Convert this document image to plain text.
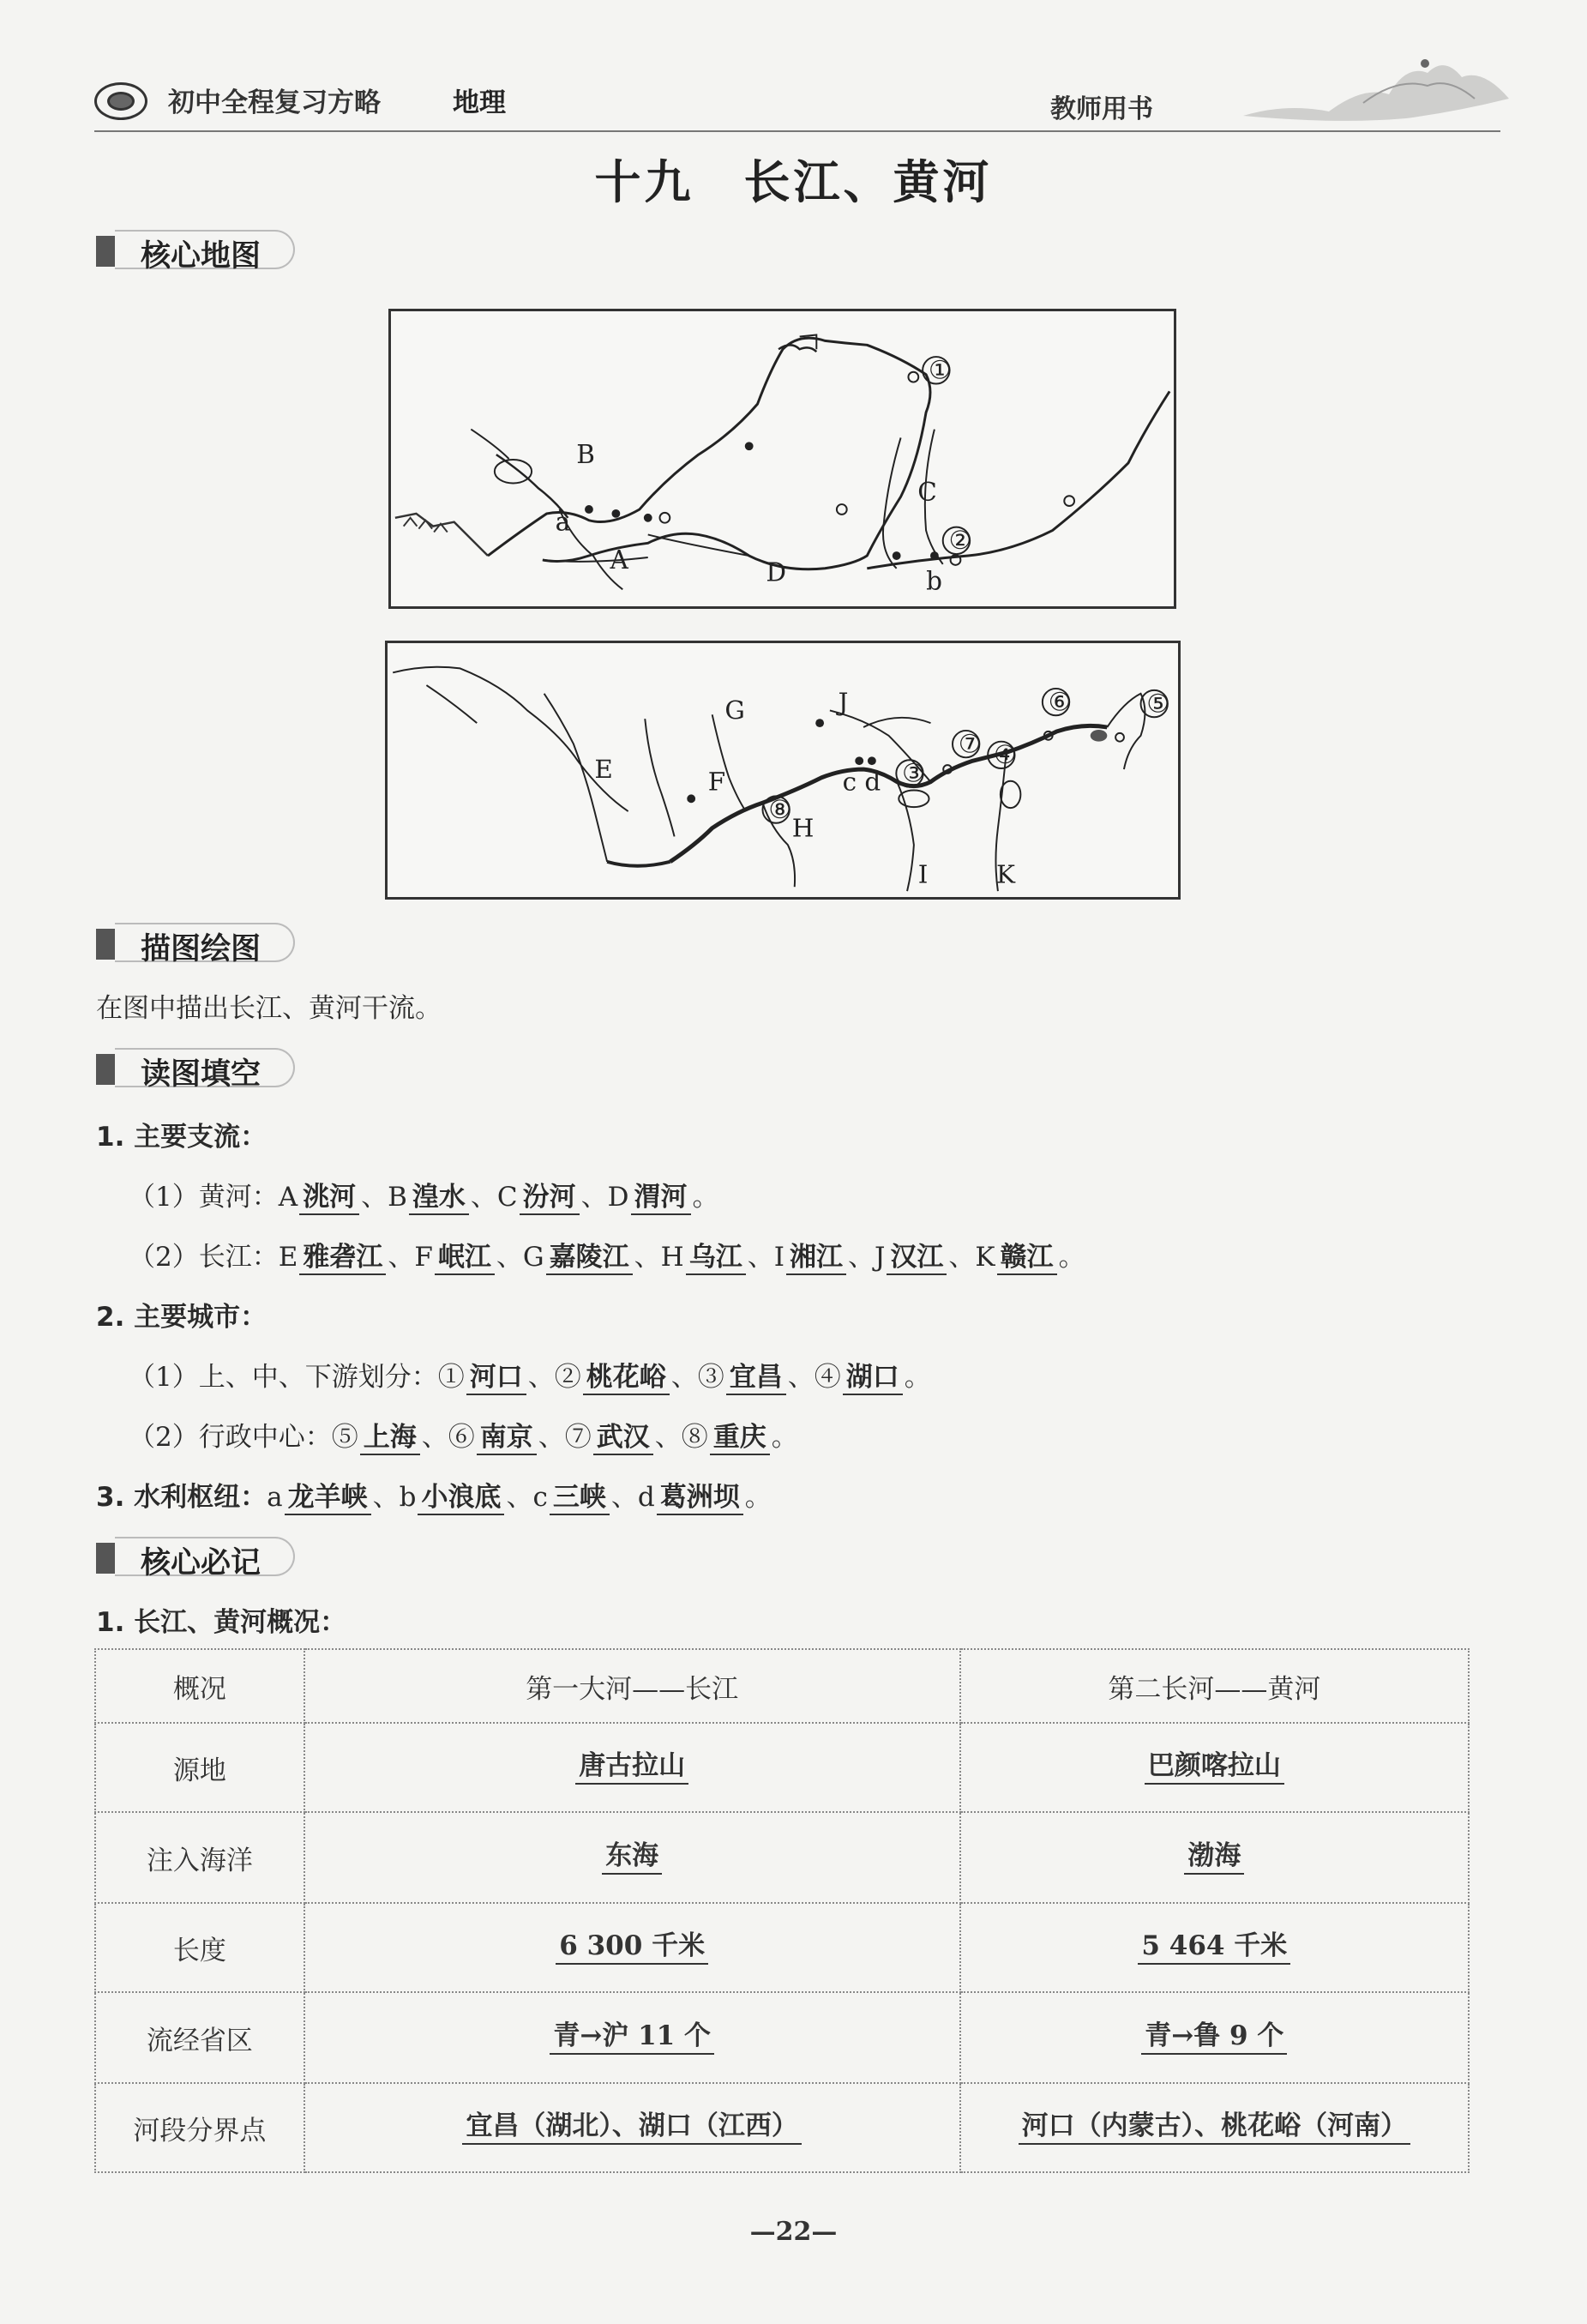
初中全程复习方略	地理	教师用书
十九　长江、黄河
核心地图
①
②
B
a
A
C
D	b
E	F
G
⑧
H
J
c d ③
⑦ ④
⑥	⑤
I	K
描图绘图
在图中描出长江、黄河干流。
读图填空
1. 主要支流：
（1）黄河：A 洮河 、B 湟水 、C 汾河 、D 渭河 。
（2）长江：E 雅砻江 、F 岷江 、G 嘉陵江 、H 乌江 、I 湘江 、J 汉江 、K 赣江 。
2. 主要城市：
（1）上、中、下游划分：① 河口 、② 桃花峪 、③ 宜昌 、④ 湖口 。
（2）行政中心：⑤ 上海 、⑥ 南京 、⑦ 武汉 、⑧ 重庆 。
3. 水利枢纽：a 龙羊峡 、b 小浪底 、c 三峡 、d 葛洲坝 。
核心必记
1. 长江、黄河概况：
概况	第一大河——长江	第二长河——黄河
源地	唐古拉山	巴颜喀拉山
注入海洋	东海	渤海
长度	6 300 千米	5 464 千米
流经省区	青→沪 11 个	青→鲁 9 个
河段分界点	宜昌（湖北）、湖口（江西）	河口（内蒙古）、桃花峪（河南）
—22—
